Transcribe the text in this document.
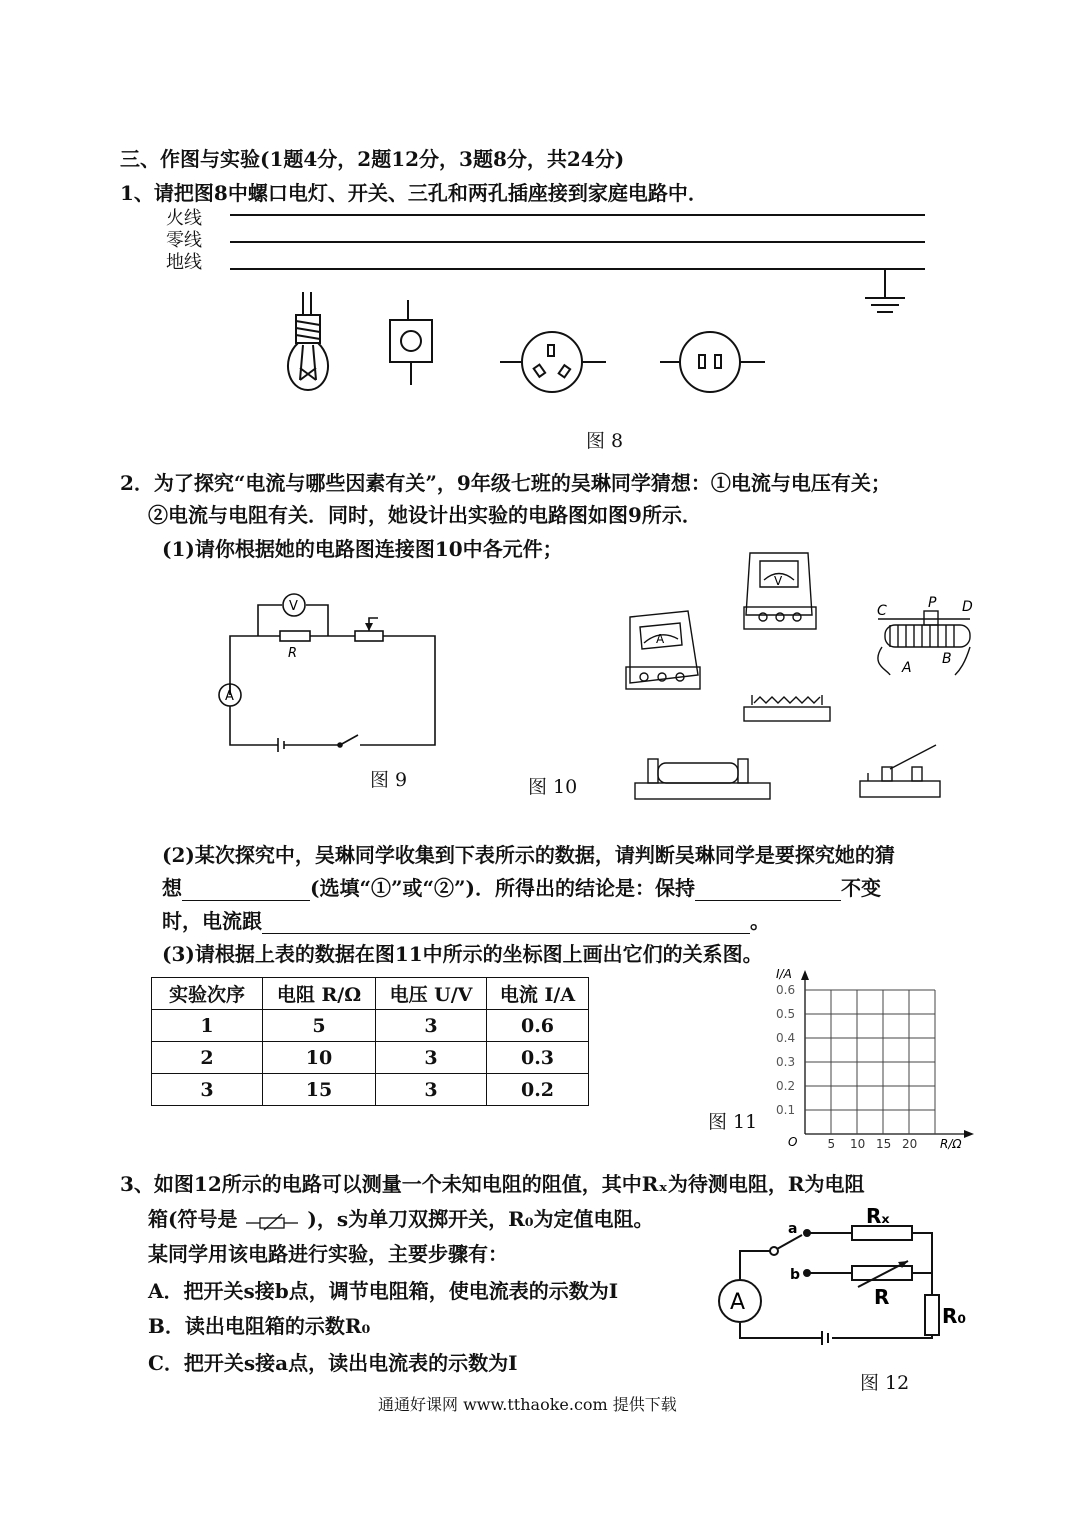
三、作图与实验(1题4分，2题12分，3题8分，共24分)
1、请把图8中螺口电灯、开关、三孔和两孔插座接到家庭电路中．
火线
零线
地线
图 8
2．为了探究“电流与哪些因素有关”，9年级七班的吴琳同学猜想：①电流与电压有关；
②电流与电阻有关．同时，她设计出实验的电路图如图9所示．
(1)请你根据她的电路图连接图10中各元件；
V
A
R
图 9
V
A
C	P D
A
B
图 10
(2)某次探究中，吴琳同学收集到下表所示的数据，请判断吴琳同学是要探究她的猜
想	(选填“①”或“②”)．所得出的结论是：保持	不变
时，电流跟	。
(3)请根据上表的数据在图11中所示的坐标图上画出它们的关系图。
实验次序	电阻 R/Ω	电压 U/V	电流 I/A
1	5	3	0.6
2	10	3	0.3
3	15	3	0.2
0.6
0.5
0.4
0.3
0.2
0.1
5 10 15 20
I/A
R/Ω
O
图 11
3、如图12所示的电路可以测量一个未知电阻的阻值，其中Rₓ为待测电阻，R为电阻
箱(符号是	)，s为单刀双掷开关，R₀为定值电阻。
某同学用该电路进行实验，主要步骤有：
A．把开关s接b点，调节电阻箱，使电流表的示数为I
B．读出电阻箱的示数R₀
C．把开关s接a点，读出电流表的示数为I
a
b
Rₓ
R
R₀
A
图 12
通通好课网 www.tthaoke.com 提供下载
